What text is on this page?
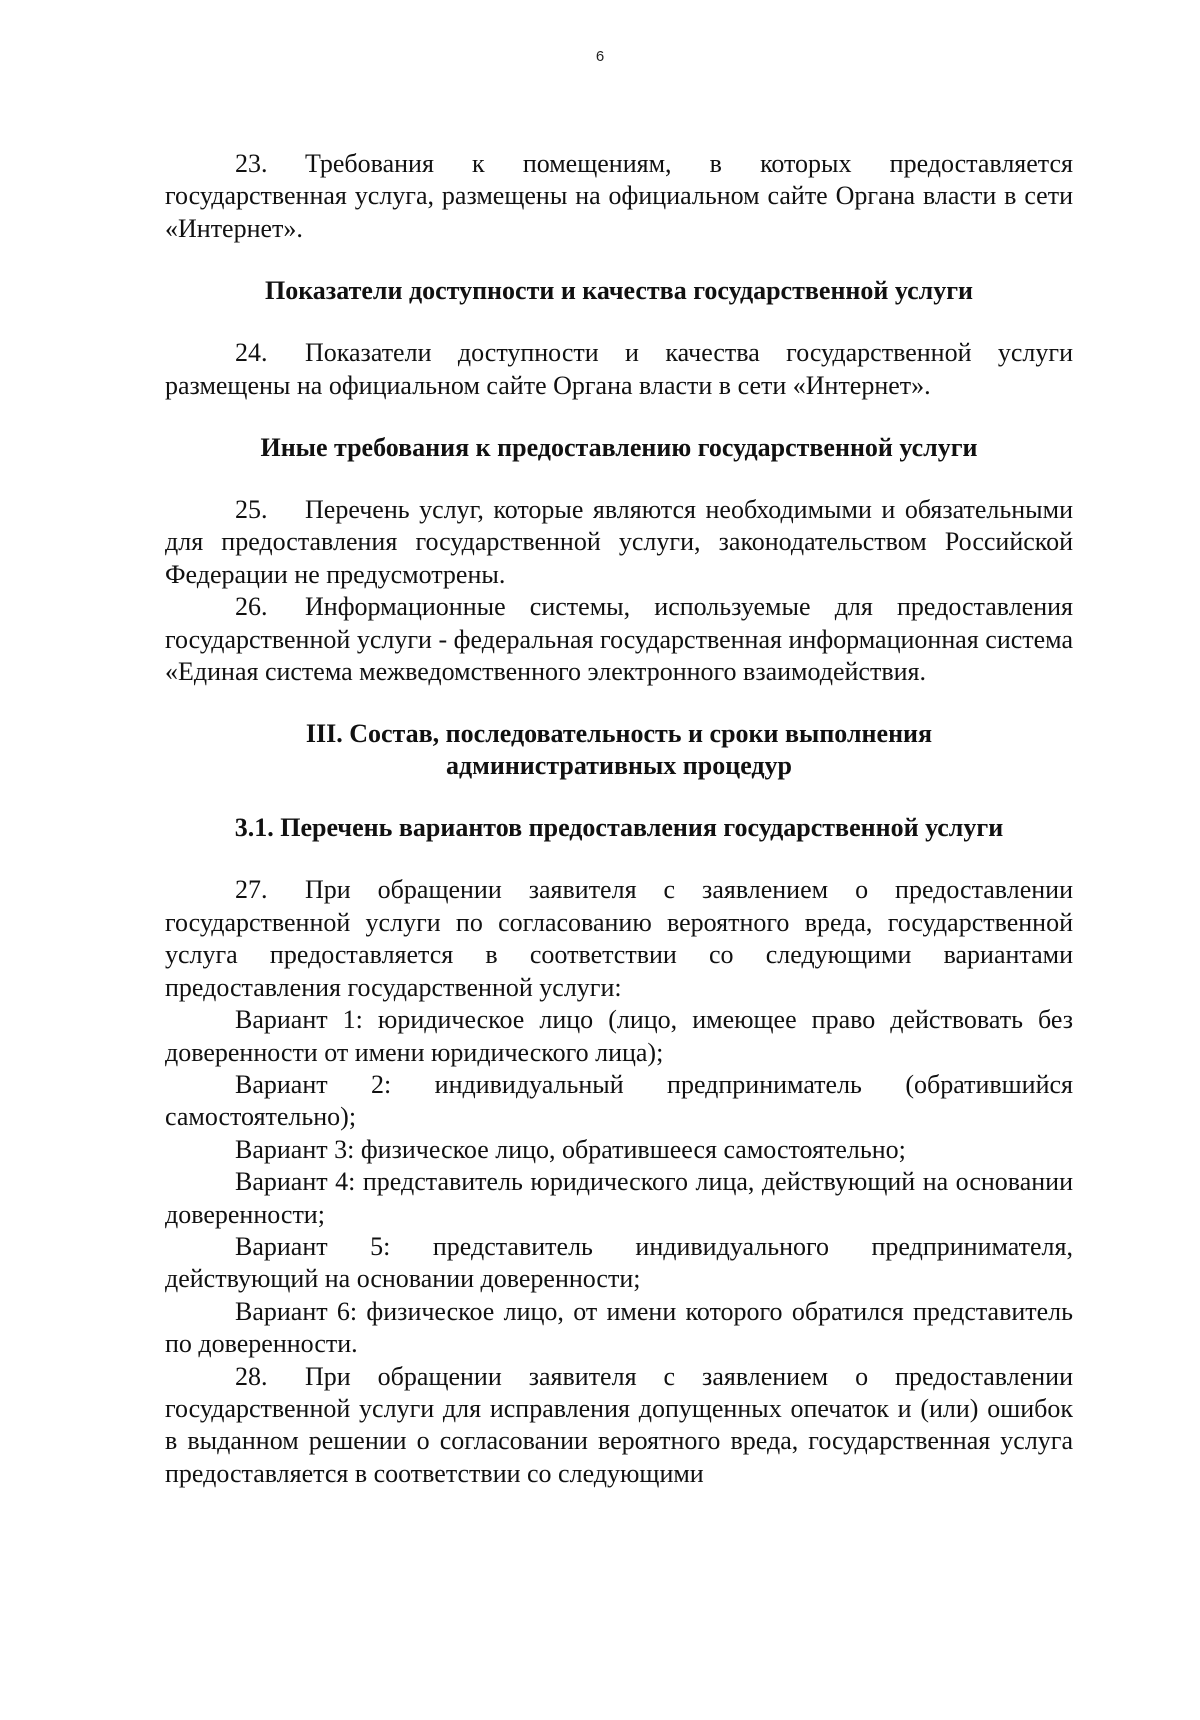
6

23. Требования к помещениям, в которых предоставляется государственная услуга, размещены на официальном сайте Органа власти в сети «Интернет».

Показатели доступности и качества государственной услуги

24. Показатели доступности и качества государственной услуги размещены на официальном сайте Органа власти в сети «Интернет».

Иные требования к предоставлению государственной услуги

25. Перечень услуг, которые являются необходимыми и обязательными для предоставления государственной услуги, законодательством Российской Федерации не предусмотрены.

26. Информационные системы, используемые для предоставления государственной услуги - федеральная государственная информационная система «Единая система межведомственного электронного взаимодействия.

III. Состав, последовательность и сроки выполнения административных процедур

3.1. Перечень вариантов предоставления государственной услуги

27. При обращении заявителя с заявлением о предоставлении государственной услуги по согласованию вероятного вреда, государственной услуга предоставляется в соответствии со следующими вариантами предоставления государственной услуги:

Вариант 1: юридическое лицо (лицо, имеющее право действовать без доверенности от имени юридического лица);

Вариант 2: индивидуальный предприниматель (обратившийся самостоятельно);

Вариант 3: физическое лицо, обратившееся самостоятельно;

Вариант 4: представитель юридического лица, действующий на основании доверенности;

Вариант 5: представитель индивидуального предпринимателя, действующий на основании доверенности;

Вариант 6: физическое лицо, от имени которого обратился представитель по доверенности.

28. При обращении заявителя с заявлением о предоставлении государственной услуги для исправления допущенных опечаток и (или) ошибок в выданном решении о согласовании вероятного вреда, государственная услуга предоставляется в соответствии со следующими
